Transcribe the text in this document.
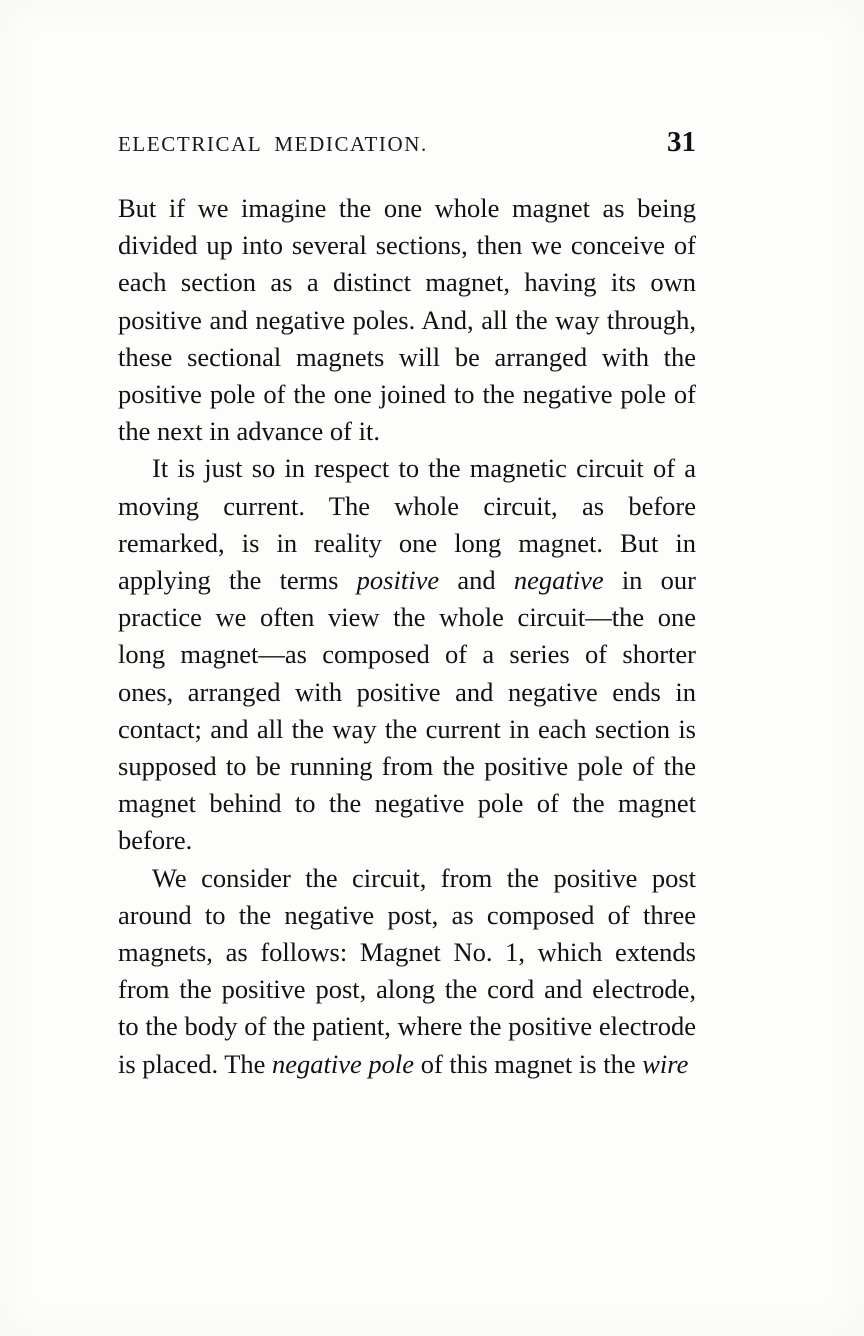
ELECTRICAL MEDICATION.	31

But if we imagine the one whole magnet as being divided up into several sections, then we conceive of each section as a distinct magnet, having its own positive and negative poles. And, all the way through, these sectional magnets will be arranged with the positive pole of the one joined to the negative pole of the next in advance of it.

It is just so in respect to the magnetic circuit of a moving current. The whole circuit, as before remarked, is in reality one long magnet. But in applying the terms positive and negative in our practice we often view the whole circuit—the one long magnet—as composed of a series of shorter ones, arranged with positive and negative ends in contact; and all the way the current in each section is supposed to be running from the positive pole of the magnet behind to the negative pole of the magnet before.

We consider the circuit, from the positive post around to the negative post, as composed of three magnets, as follows: Magnet No. 1, which extends from the positive post, along the cord and electrode, to the body of the patient, where the positive electrode is placed. The negative pole of this magnet is the wire
